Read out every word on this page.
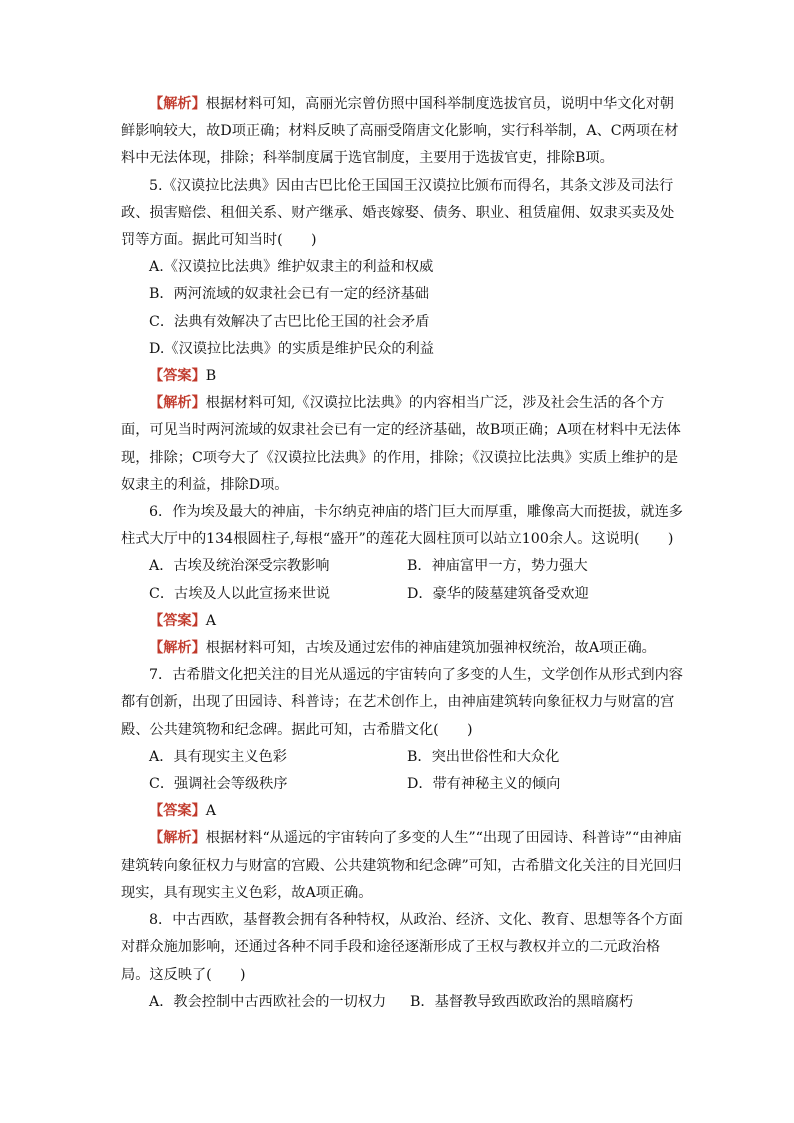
【解析】根据材料可知，高丽光宗曾仿照中国科举制度选拔官员，说明中华文化对朝鲜影响较大，故D项正确；材料反映了高丽受隋唐文化影响，实行科举制，A、C两项在材料中无法体现，排除；科举制度属于选官制度，主要用于选拔官吏，排除B项。

5.《汉谟拉比法典》因由古巴比伦王国国王汉谟拉比颁布而得名，其条文涉及司法行政、损害赔偿、租佃关系、财产继承、婚丧嫁娶、债务、职业、租赁雇佣、奴隶买卖及处罚等方面。据此可知当时(　　)

A.《汉谟拉比法典》维护奴隶主的利益和权威

B．两河流域的奴隶社会已有一定的经济基础

C．法典有效解决了古巴比伦王国的社会矛盾

D.《汉谟拉比法典》的实质是维护民众的利益

【答案】B

【解析】根据材料可知,《汉谟拉比法典》的内容相当广泛，涉及社会生活的各个方面，可见当时两河流域的奴隶社会已有一定的经济基础，故B项正确；A项在材料中无法体现，排除；C项夸大了《汉谟拉比法典》的作用，排除；《汉谟拉比法典》实质上维护的是奴隶主的利益，排除D项。

6．作为埃及最大的神庙，卡尔纳克神庙的塔门巨大而厚重，雕像高大而挺拔，就连多柱式大厅中的134根圆柱子,每根“盛开”的莲花大圆柱顶可以站立100余人。这说明(　　)

A．古埃及统治深受宗教影响	B．神庙富甲一方，势力强大
C．古埃及人以此宣扬来世说	D．豪华的陵墓建筑备受欢迎

【答案】A

【解析】根据材料可知，古埃及通过宏伟的神庙建筑加强神权统治，故A项正确。

7．古希腊文化把关注的目光从遥远的宇宙转向了多变的人生，文学创作从形式到内容都有创新，出现了田园诗、科普诗；在艺术创作上，由神庙建筑转向象征权力与财富的宫殿、公共建筑物和纪念碑。据此可知，古希腊文化(　　)

A．具有现实主义色彩	B．突出世俗性和大众化
C．强调社会等级秩序	D．带有神秘主义的倾向

【答案】A

【解析】根据材料“从遥远的宇宙转向了多变的人生”“出现了田园诗、科普诗”“由神庙建筑转向象征权力与财富的宫殿、公共建筑物和纪念碑”可知，古希腊文化关注的目光回归现实，具有现实主义色彩，故A项正确。

8．中古西欧，基督教会拥有各种特权，从政治、经济、文化、教育、思想等各个方面对群众施加影响，还通过各种不同手段和途径逐渐形成了王权与教权并立的二元政治格局。这反映了(　　)

A．教会控制中古西欧社会的一切权力	B．基督教导致西欧政治的黑暗腐朽
